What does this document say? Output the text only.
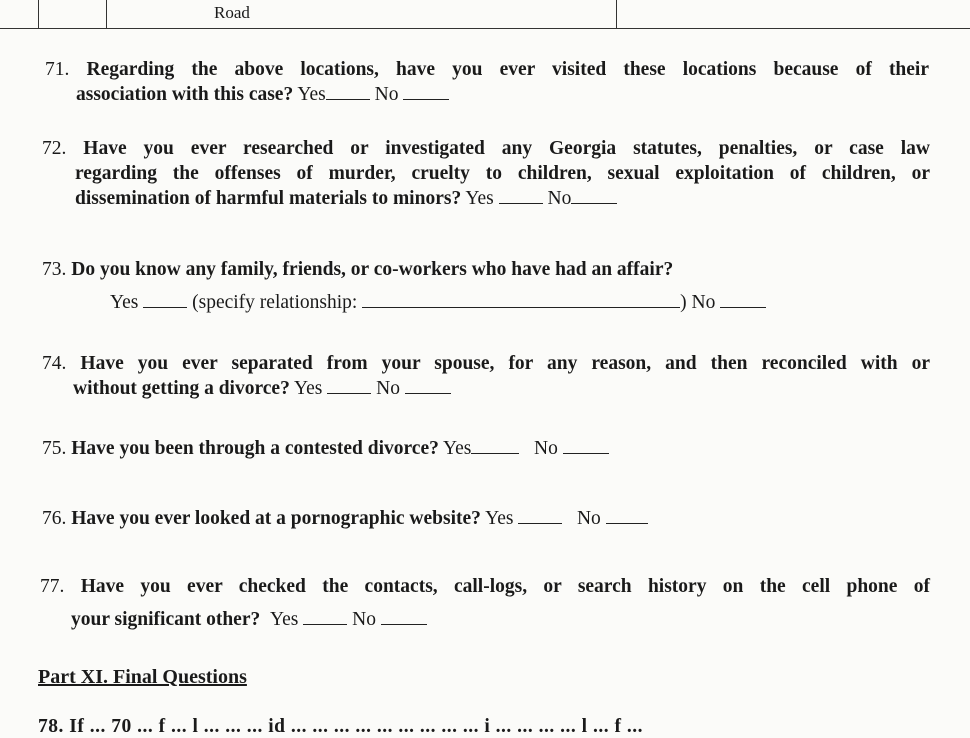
Road
71. Regarding the above locations, have you ever visited these locations because of their
association with this case? Yes	No
72. Have you ever researched or investigated any Georgia statutes, penalties, or case law
regarding the offenses of murder, cruelty to children, sexual exploitation of children, or
dissemination of harmful materials to minors? Yes	No
73. Do you know any family, friends, or co-workers who have had an affair?
Yes	(specify relationship:	) No
74. Have you ever separated from your spouse, for any reason, and then reconciled with or
without getting a divorce? Yes	No
75. Have you been through a contested divorce? Yes	No
76. Have you ever looked at a pornographic website? Yes	No
77. Have you ever checked the contacts, call-logs, or search history on the cell phone of
your significant other? Yes	No
Part XI. Final Questions
78. If ... 70 ... f ... l ... ... ... id ... ... ... ... ... ... ... ... ... i ... ... ... ... l ... f ...
